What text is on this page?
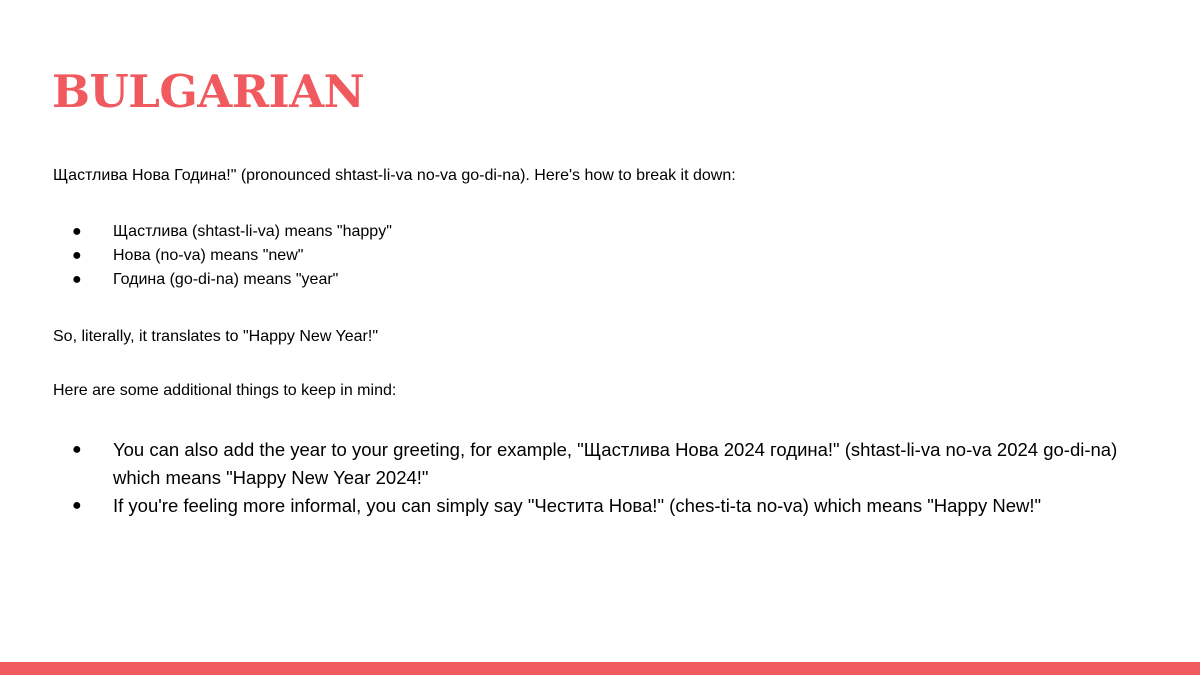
BULGARIAN

Щастлива Нова Година!" (pronounced shtast-li-va no-va go-di-na). Here's how to break it down:

● Щастлива (shtast-li-va) means "happy"
● Нова (no-va) means "new"
● Година (go-di-na) means "year"

So, literally, it translates to "Happy New Year!"

Here are some additional things to keep in mind:

● You can also add the year to your greeting, for example, "Щастлива Нова 2024 година!" (shtast-li-va no-va 2024 go-di-na) which means "Happy New Year 2024!"
● If you're feeling more informal, you can simply say "Честита Нова!" (ches-ti-ta no-va) which means "Happy New!"
